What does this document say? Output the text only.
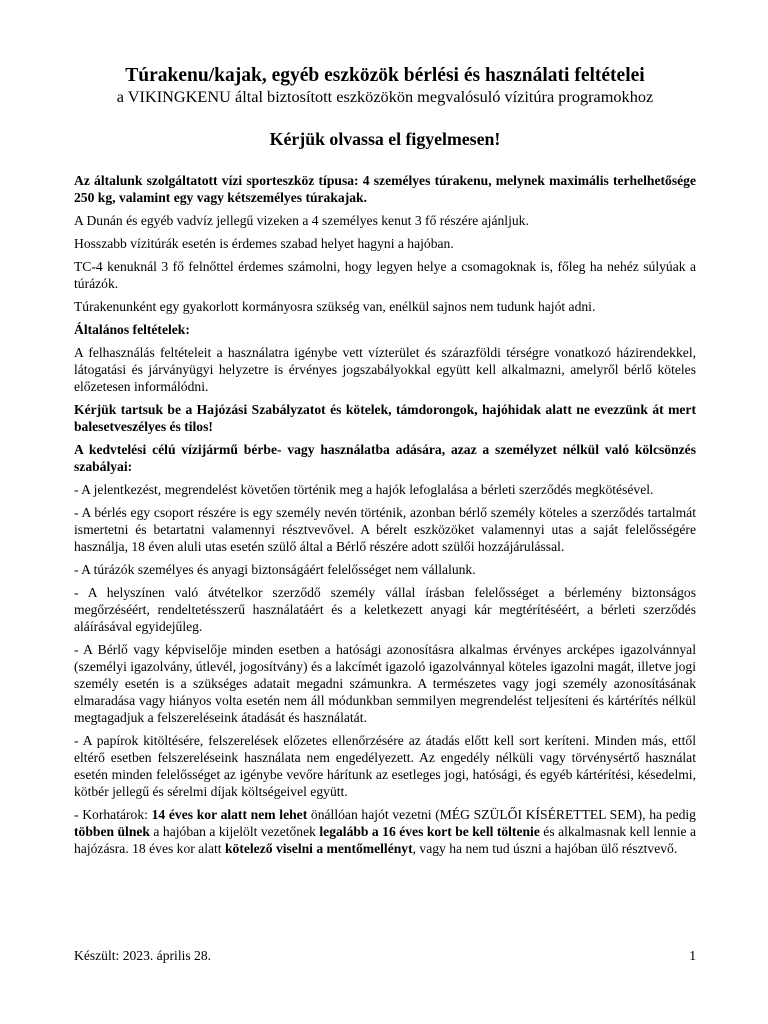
Túrakenu/kajak, egyéb eszközök bérlési és használati feltételei
a VIKINGKENU által biztosított eszközökön megvalósuló vízitúra programokhoz
Kérjük olvassa el figyelmesen!

Az általunk szolgáltatott vízi sporteszköz típusa: 4 személyes túrakenu, melynek maximális terhelhetősége 250 kg, valamint egy vagy kétszemélyes túrakajak.

A Dunán és egyéb vadvíz jellegű vizeken a 4 személyes kenut 3 fő részére ajánljuk.

Hosszabb vízitúrák esetén is érdemes szabad helyet hagyni a hajóban.

TC-4 kenuknál 3 fő felnőttel érdemes számolni, hogy legyen helye a csomagoknak is, főleg ha nehéz súlyúak a túrázók.

Túrakenunként egy gyakorlott kormányosra szükség van, enélkül sajnos nem tudunk hajót adni.

Általános feltételek:

A felhasználás feltételeit a használatra igénybe vett vízterület és szárazföldi térségre vonatkozó házirendekkel, látogatási és járványügyi helyzetre is érvényes jogszabályokkal együtt kell alkalmazni, amelyről bérlő köteles előzetesen informálódni.

Kérjük tartsuk be a Hajózási Szabályzatot és kötelek, támdorongok, hajóhidak alatt ne evezzünk át mert balesetveszélyes és tilos!

A kedvtelési célú vízijármű bérbe- vagy használatba adására, azaz a személyzet nélkül való kölcsönzés szabályai:

- A jelentkezést, megrendelést követően történik meg a hajók lefoglalása a bérleti szerződés megkötésével.

- A bérlés egy csoport részére is egy személy nevén történik, azonban bérlő személy köteles a szerződés tartalmát ismertetni és betartatni valamennyi résztvevővel. A bérelt eszközöket valamennyi utas a saját felelősségére használja, 18 éven aluli utas esetén szülő által a Bérlő részére adott szülői hozzájárulással.

- A túrázók személyes és anyagi biztonságáért felelősséget nem vállalunk.

- A helyszínen való átvételkor szerződő személy vállal írásban felelősséget a bérlemény biztonságos megőrzéséért, rendeltetésszerű használatáért és a keletkezett anyagi kár megtérítéséért, a bérleti szerződés aláírásával egyidejűleg.

- A Bérlő vagy képviselője minden esetben a hatósági azonosításra alkalmas érvényes arcképes igazolvánnyal (személyi igazolvány, útlevél, jogosítvány) és a lakcímét igazoló igazolvánnyal köteles igazolni magát, illetve jogi személy esetén is a szükséges adatait megadni számunkra. A természetes vagy jogi személy azonosításának elmaradása vagy hiányos volta esetén nem áll módunkban semmilyen megrendelést teljesíteni és kártérítés nélkül megtagadjuk a felszereléseink átadását és használatát.

- A papírok kitöltésére, felszerelések előzetes ellenőrzésére az átadás előtt kell sort keríteni. Minden más, ettől eltérő esetben felszereléseink használata nem engedélyezett. Az engedély nélküli vagy törvénysértő használat esetén minden felelősséget az igénybe vevőre hárítunk az esetleges jogi, hatósági, és egyéb kártérítési, késedelmi, kötbér jellegű és sérelmi díjak költségeivel együtt.

- Korhatárok: 14 éves kor alatt nem lehet önállóan hajót vezetni (MÉG SZÜLŐI KÍSÉRETTEL SEM), ha pedig többen ülnek a hajóban a kijelölt vezetőnek legalább a 16 éves kort be kell töltenie és alkalmasnak kell lennie a hajózásra. 18 éves kor alatt kötelező viselni a mentőmellényt, vagy ha nem tud úszni a hajóban ülő résztvevő.

Készült: 2023. április 28.	1
